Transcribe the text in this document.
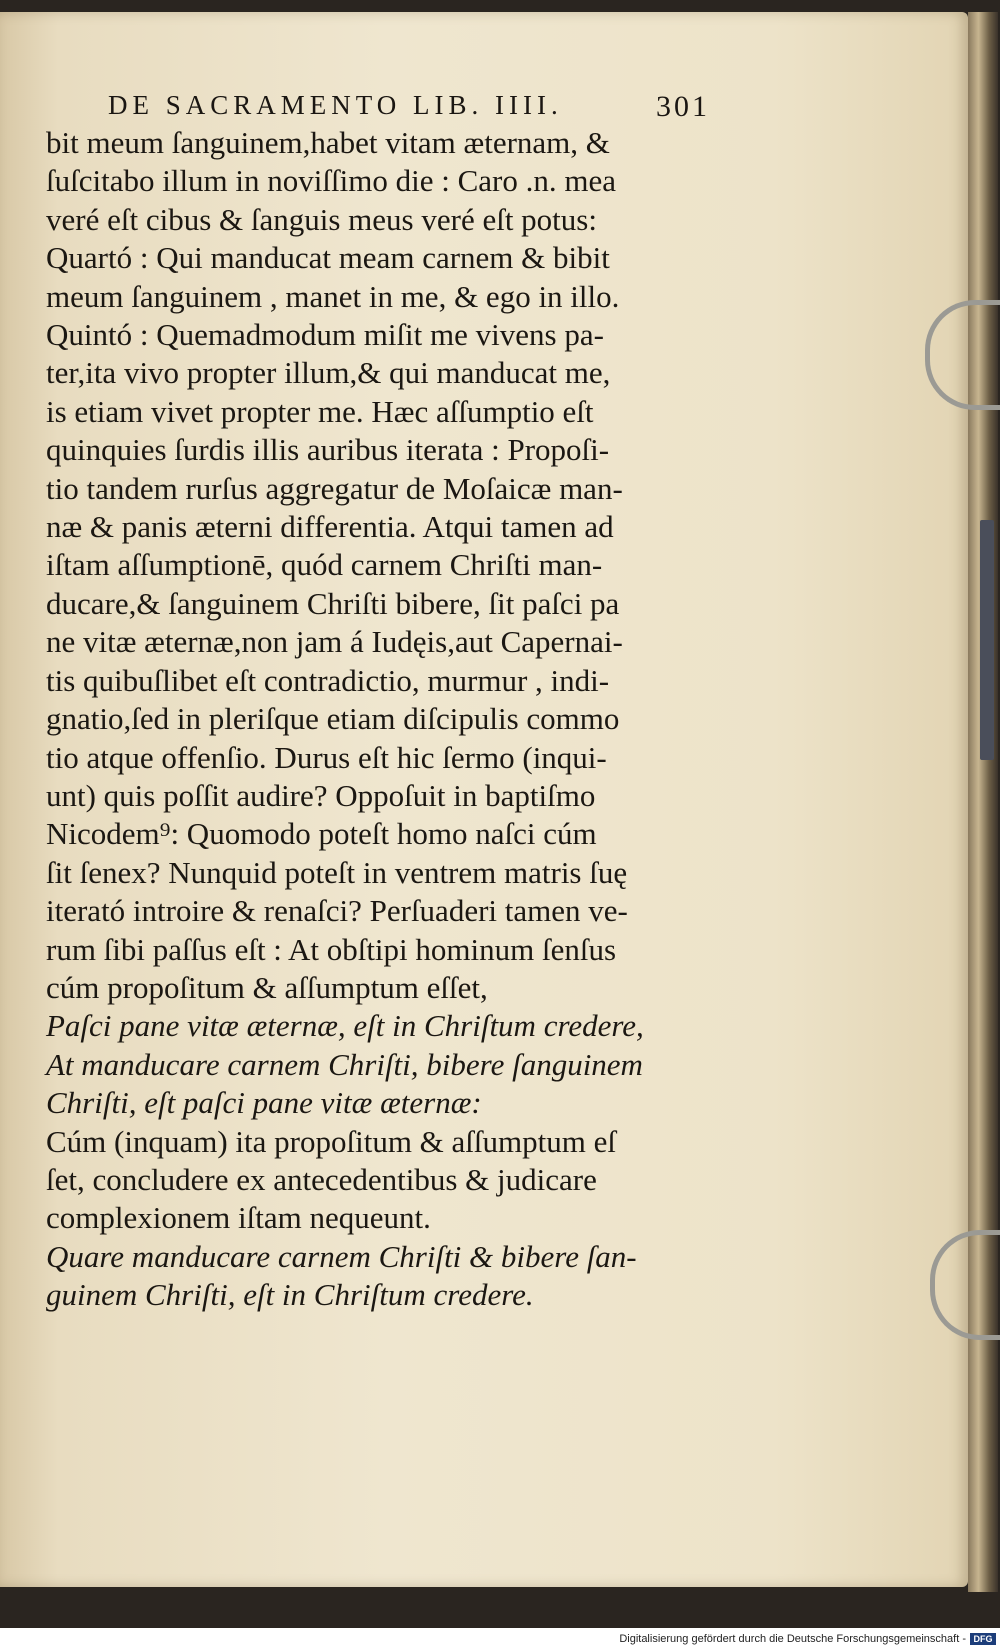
DE SACRAMENTO LIB. IIII.	301
bit meum ſanguinem,habet vitam æternam, &
ſuſcitabo illum in noviſſimo die : Caro .n. mea
veré eſt cibus & ſanguis meus veré eſt potus:
Quartó : Qui manducat meam carnem & bibit
meum ſanguinem , manet in me, & ego in illo.
Quintó : Quemadmodum miſit me vivens pa-
ter,ita vivo propter illum,& qui manducat me,
is etiam vivet propter me. Hæc aſſumptio eſt
quinquies ſurdis illis auribus iterata : Propoſi-
tio tandem rurſus aggregatur de Moſaicæ man-
næ & panis æterni differentia. Atqui tamen ad
iſtam aſſumptionē, quód carnem Chriſti man-
ducare,& ſanguinem Chriſti bibere, ſit paſci pa
ne vitæ æternæ,non jam á Iudęis,aut Capernai-
tis quibuſlibet eſt contradictio, murmur , indi-
gnatio,ſed in pleriſque etiam diſcipulis commo
tio atque offenſio. Durus eſt hic ſermo (inqui-
unt) quis poſſit audire? Oppoſuit in baptiſmo
Nicodem⁹: Quomodo poteſt homo naſci cúm
ſit ſenex? Nunquid poteſt in ventrem matris ſuę
iterató introire & renaſci? Perſuaderi tamen ve-
rum ſibi paſſus eſt : At obſtipi hominum ſenſus
cúm propoſitum & aſſumptum eſſet,
Paſci pane vitæ æternæ, eſt in Chriſtum credere,
At manducare carnem Chriſti, bibere ſanguinem
Chriſti, eſt paſci pane vitæ æternæ:
Cúm (inquam) ita propoſitum & aſſumptum eſ
ſet, concludere ex antecedentibus & judicare
complexionem iſtam nequeunt.
Quare manducare carnem Chriſti & bibere ſan-
guinem Chriſti, eſt in Chriſtum credere.
Digitalisierung gefördert durch die Deutsche Forschungsgemeinschaft - DFG
